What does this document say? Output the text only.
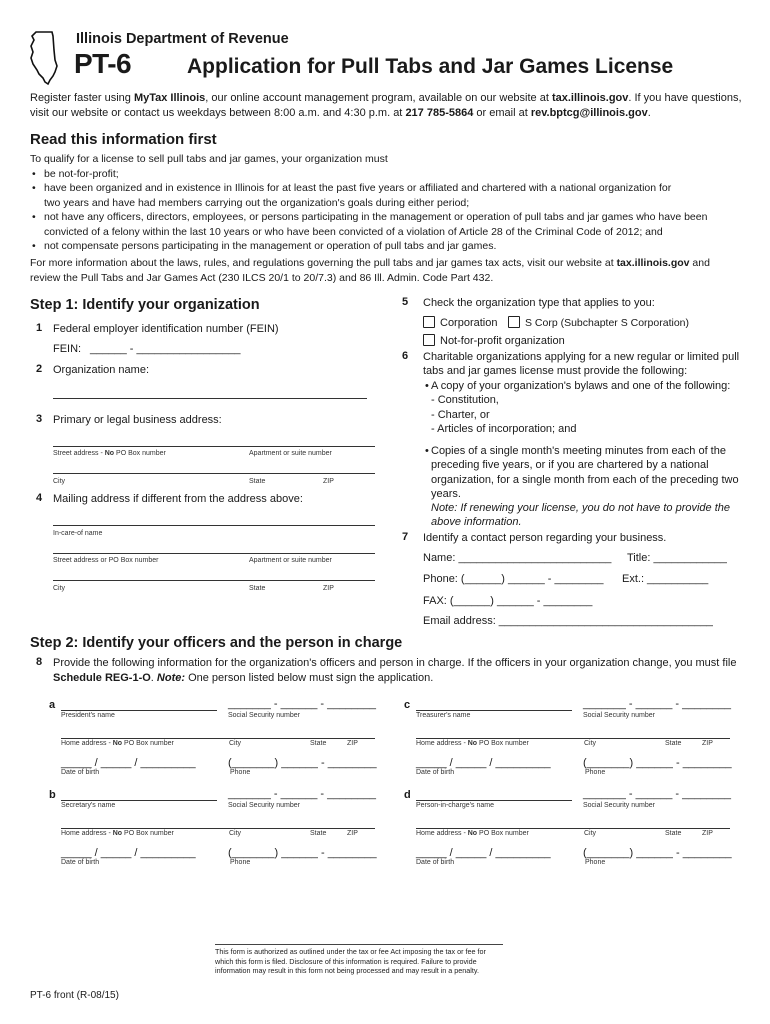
Illinois Department of Revenue
PT-6	Application for Pull Tabs and Jar Games License
Register faster using MyTax Illinois, our online account management program, available on our website at tax.illinois.gov. If you have questions, visit our website or contact us weekdays between 8:00 a.m. and 4:30 p.m. at 217 785-5864 or email at rev.bptcg@illinois.gov.
Read this information first
To qualify for a license to sell pull tabs and jar games, your organization must
• be not-for-profit;
• have been organized and in existence in Illinois for at least the past five years or affiliated and chartered with a national organization for two years and have had members carrying out the organization's goals during either period;
• not have any officers, directors, employees, or persons participating in the management or operation of pull tabs and jar games who have been convicted of a felony within the last 10 years or who have been convicted of a violation of Article 28 of the Criminal Code of 2012; and
• not compensate persons participating in the management or operation of pull tabs and jar games.
For more information about the laws, rules, and regulations governing the pull tabs and jar games tax acts, visit our website at tax.illinois.gov and review the Pull Tabs and Jar Games Act (230 ILCS 20/1 to 20/7.3) and 86 Ill. Admin. Code Part 432.
Step 1: Identify your organization
1 Federal employer identification number (FEIN)
FEIN: ______ - _________________
2 Organization name:
3 Primary or legal business address:
Street address - No PO Box number	Apartment or suite number
City	State	ZIP
4 Mailing address if different from the address above:
In-care-of name
Street address or PO Box number	Apartment or suite number
City	State	ZIP
5 Check the organization type that applies to you:
Corporation	S Corp (Subchapter S Corporation)
Not-for-profit organization
6 Charitable organizations applying for a new regular or limited pull tabs and jar games license must provide the following:
• A copy of your organization's bylaws and one of the following:
- Constitution,
- Charter, or
- Articles of incorporation; and
• Copies of a single month's meeting minutes from each of the preceding five years, or if you are chartered by a national organization, for a single month from each of the preceding two years.
Note: If renewing your license, you do not have to provide the above information.
7 Identify a contact person regarding your business.
Name: _________________________ Title: ____________
Phone: (______) ______ - ________ Ext.: __________
FAX: (______) ______ - ________
Email address: ___________________________________
Step 2: Identify your officers and the person in charge
8 Provide the following information for the organization's officers and person in charge. If the officers in your organization change, you must file Schedule REG-1-O. Note: One person listed below must sign the application.
a
President's name
_______ - ______ - ________
Social Security number
Home address - No PO Box number	City	State	ZIP
_____ / _____ / _________
Date of birth
(_______) ______ - ________
Phone
c
Treasurer's name
_______ - ______ - ________
Social Security number
Home address - No PO Box number	City	State	ZIP
_____ / _____ / _________
Date of birth
(_______) ______ - ________
Phone
b
Secretary's name
_______ - ______ - ________
Social Security number
Home address - No PO Box number	City	State	ZIP
_____ / _____ / _________
Date of birth
(_______) ______ - ________
Phone
d
Person-in-charge's name
_______ - ______ - ________
Social Security number
Home address - No PO Box number	City	State	ZIP
_____ / _____ / _________
Date of birth
(_______) ______ - ________
Phone
This form is authorized as outlined under the tax or fee Act imposing the tax or fee for which this form is filed. Disclosure of this information is required. Failure to provide information may result in this form not being processed and may result in a penalty.
PT-6 front (R-08/15)
